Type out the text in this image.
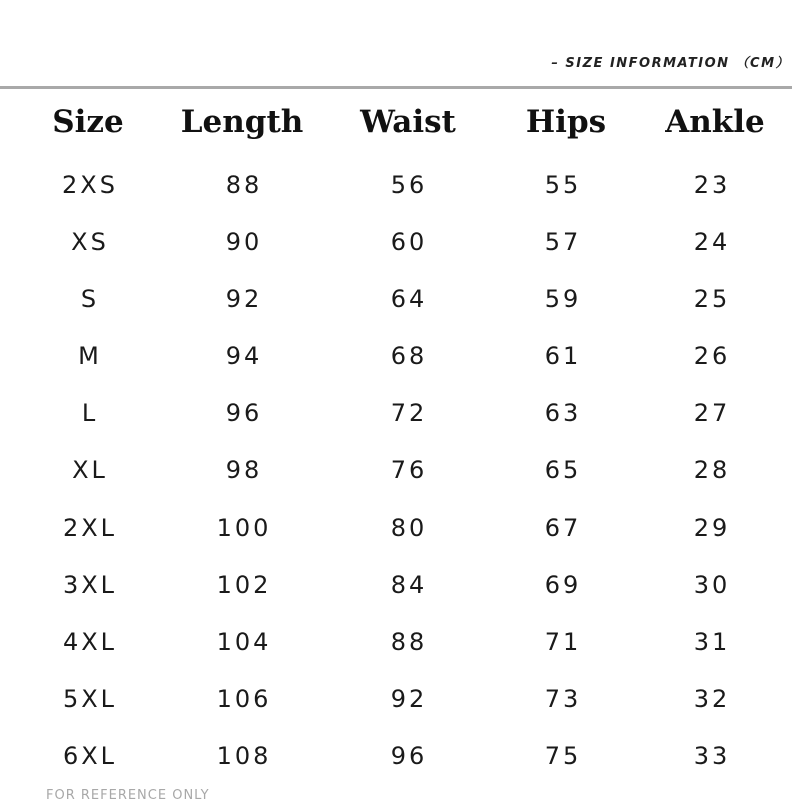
– SIZE INFORMATION （CM）
Size	Length	Waist	Hips	Ankle
2XS	88	56	55	23
XS	90	60	57	24
S	92	64	59	25
M	94	68	61	26
L	96	72	63	27
XL	98	76	65	28
2XL	100	80	67	29
3XL	102	84	69	30
4XL	104	88	71	31
5XL	106	92	73	32
6XL	108	96	75	33
FOR REFERENCE ONLY
